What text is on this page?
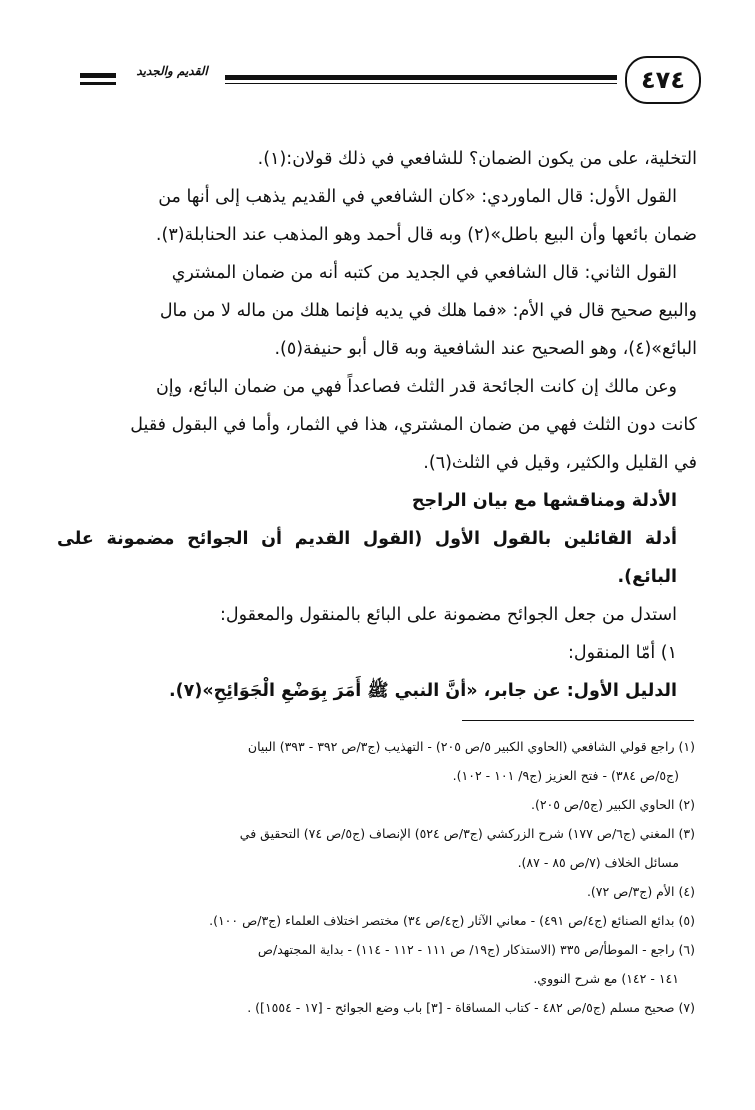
القديم والجديد	٤٧٤

التخلية، على من يكون الضمان؟ للشافعي في ذلك قولان:(١).

القول الأول: قال الماوردي: «كان الشافعي في القديم يذهب إلى أنها من

ضمان بائعها وأن البيع باطل»(٢) وبه قال أحمد وهو المذهب عند الحنابلة(٣).

القول الثاني: قال الشافعي في الجديد من كتبه أنه من ضمان المشتري

والبيع صحيح قال في الأم: «فما هلك في يديه فإنما هلك من ماله لا من مال

البائع»(٤)، وهو الصحيح عند الشافعية وبه قال أبو حنيفة(٥).

وعن مالك إن كانت الجائحة قدر الثلث فصاعداً فهي من ضمان البائع، وإن

كانت دون الثلث فهي من ضمان المشتري، هذا في الثمار، وأما في البقول فقيل

في القليل والكثير، وقيل في الثلث(٦).

الأدلة ومناقشها مع بيان الراجح

أدلة القائلين بالقول الأول (القول القديم أن الجوائح مضمونة على البائع).

استدل من جعل الجوائح مضمونة على البائع بالمنقول والمعقول:

١) أمّا المنقول:

الدليل الأول: عن جابر، «أنَّ النبي ﷺ أَمَرَ بِوَضْعِ الْجَوَائِحِ»(٧).

(١) راجع قولي الشافعي (الحاوي الكبير ٥/ص ٢٠٥) - التهذيب (ج٣/ص ٣٩٢ - ٣٩٣) البيان

(ج٥/ص ٣٨٤) - فتح العزيز (ج٩/ ١٠١ - ١٠٢).

(٢) الحاوي الكبير (ج٥/ص ٢٠٥).

(٣) المغني (ج٦/ص ١٧٧) شرح الزركشي (ج٣/ص ٥٢٤) الإنصاف (ج٥/ص ٧٤) التحقيق في

مسائل الخلاف (٧/ص ٨٥ - ٨٧).

(٤) الأم (ج٣/ص ٧٢).

(٥) بدائع الصنائع (ج٤/ص ٤٩١) - معاني الآثار (ج٤/ص ٣٤) مختصر اختلاف العلماء (ج٣/ص ١٠٠).

(٦) راجع - الموطأ/ص ٣٣٥ (الاستذكار (ج١٩/ ص ١١١ - ١١٢ - ١١٤) - بداية المجتهد/ص

١٤١ - ١٤٢) مع شرح النووي.

(٧) صحيح مسلم (ج٥/ص ٤٨٢ - كتاب المساقاة - [٣] باب وضع الجوائح - [١٧ - ١٥٥٤]) .
